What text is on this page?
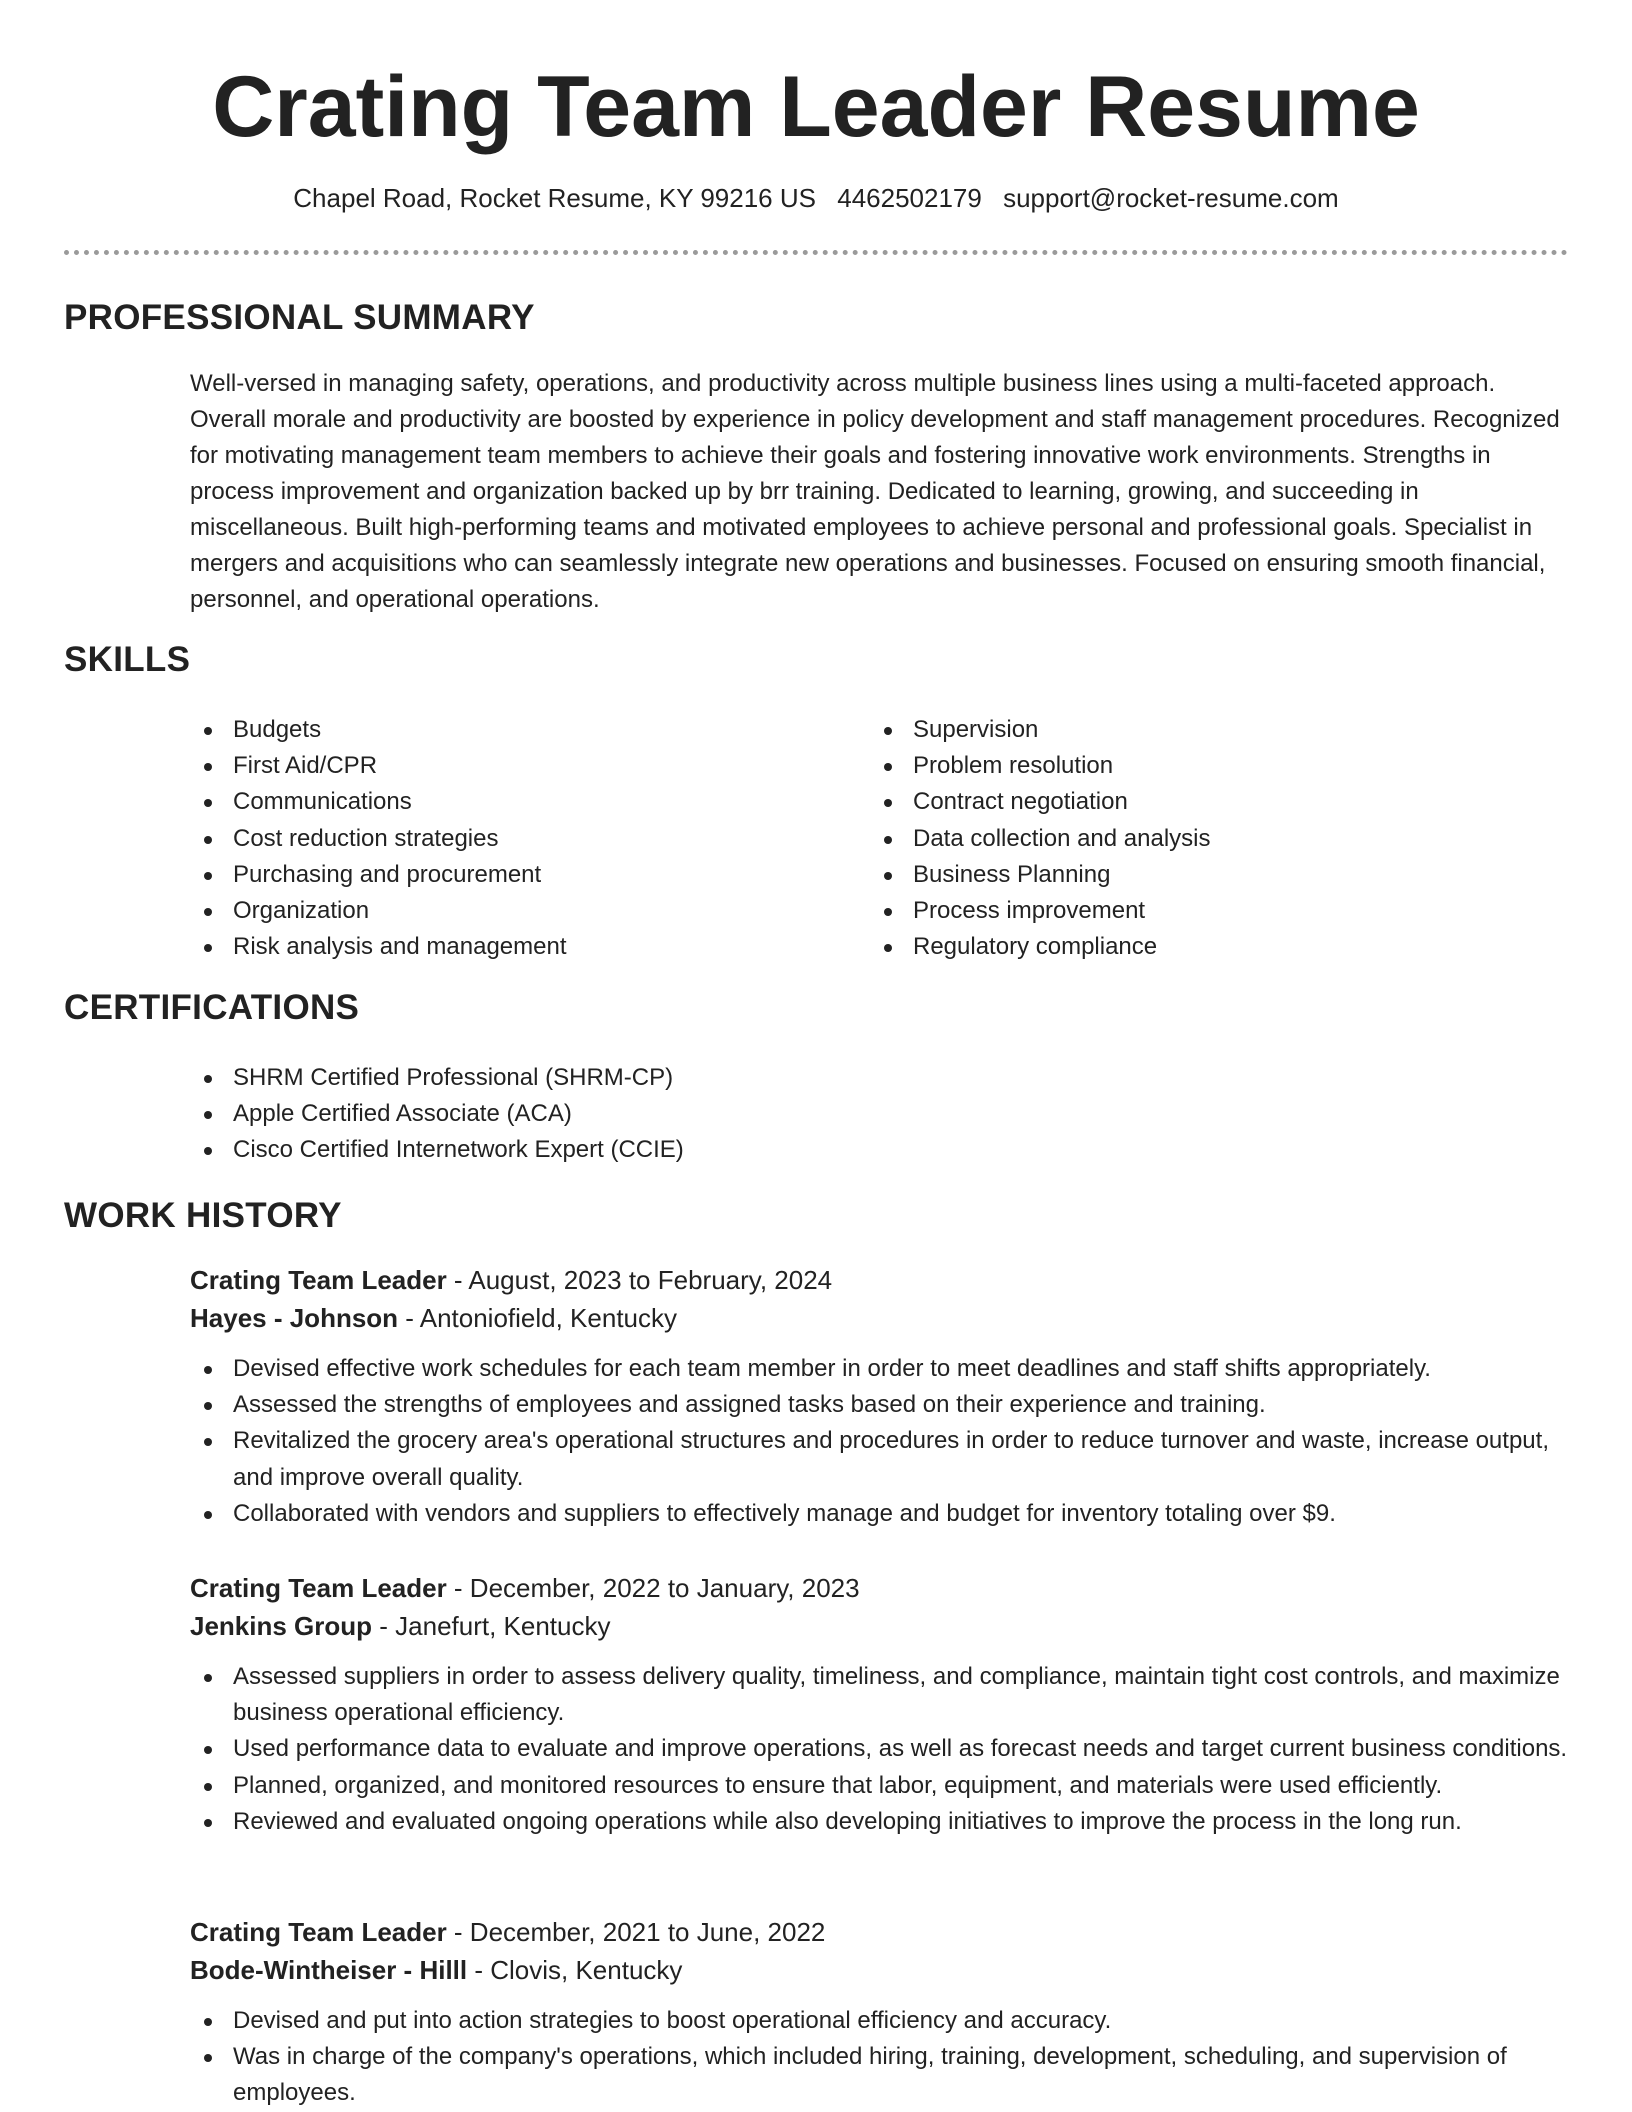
Crating Team Leader Resume
Chapel Road, Rocket Resume, KY 99216 US 4462502179 support@rocket-resume.com
PROFESSIONAL SUMMARY

Well-versed in managing safety, operations, and productivity across multiple business lines using a multi-faceted approach. Overall morale and productivity are boosted by experience in policy development and staff management procedures. Recognized for motivating management team members to achieve their goals and fostering innovative work environments. Strengths in process improvement and organization backed up by brr training. Dedicated to learning, growing, and succeeding in miscellaneous. Built high-performing teams and motivated employees to achieve personal and professional goals. Specialist in mergers and acquisitions who can seamlessly integrate new operations and businesses. Focused on ensuring smooth financial, personnel, and operational operations.

SKILLS
Budgets
First Aid/CPR
Communications
Cost reduction strategies
Purchasing and procurement
Organization
Risk analysis and management
Supervision
Problem resolution
Contract negotiation
Data collection and analysis
Business Planning
Process improvement
Regulatory compliance
CERTIFICATIONS
SHRM Certified Professional (SHRM-CP)
Apple Certified Associate (ACA)
Cisco Certified Internetwork Expert (CCIE)
WORK HISTORY
Crating Team Leader - August, 2023 to February, 2024
Hayes - Johnson - Antoniofield, Kentucky
Devised effective work schedules for each team member in order to meet deadlines and staff shifts appropriately.
Assessed the strengths of employees and assigned tasks based on their experience and training.
Revitalized the grocery area's operational structures and procedures in order to reduce turnover and waste, increase output, and improve overall quality.
Collaborated with vendors and suppliers to effectively manage and budget for inventory totaling over $9.
Crating Team Leader - December, 2022 to January, 2023
Jenkins Group - Janefurt, Kentucky
Assessed suppliers in order to assess delivery quality, timeliness, and compliance, maintain tight cost controls, and maximize business operational efficiency.
Used performance data to evaluate and improve operations, as well as forecast needs and target current business conditions.
Planned, organized, and monitored resources to ensure that labor, equipment, and materials were used efficiently.
Reviewed and evaluated ongoing operations while also developing initiatives to improve the process in the long run.
Crating Team Leader - December, 2021 to June, 2022
Bode-Wintheiser - Hilll - Clovis, Kentucky
Devised and put into action strategies to boost operational efficiency and accuracy.
Was in charge of the company's operations, which included hiring, training, development, scheduling, and supervision of employees.
